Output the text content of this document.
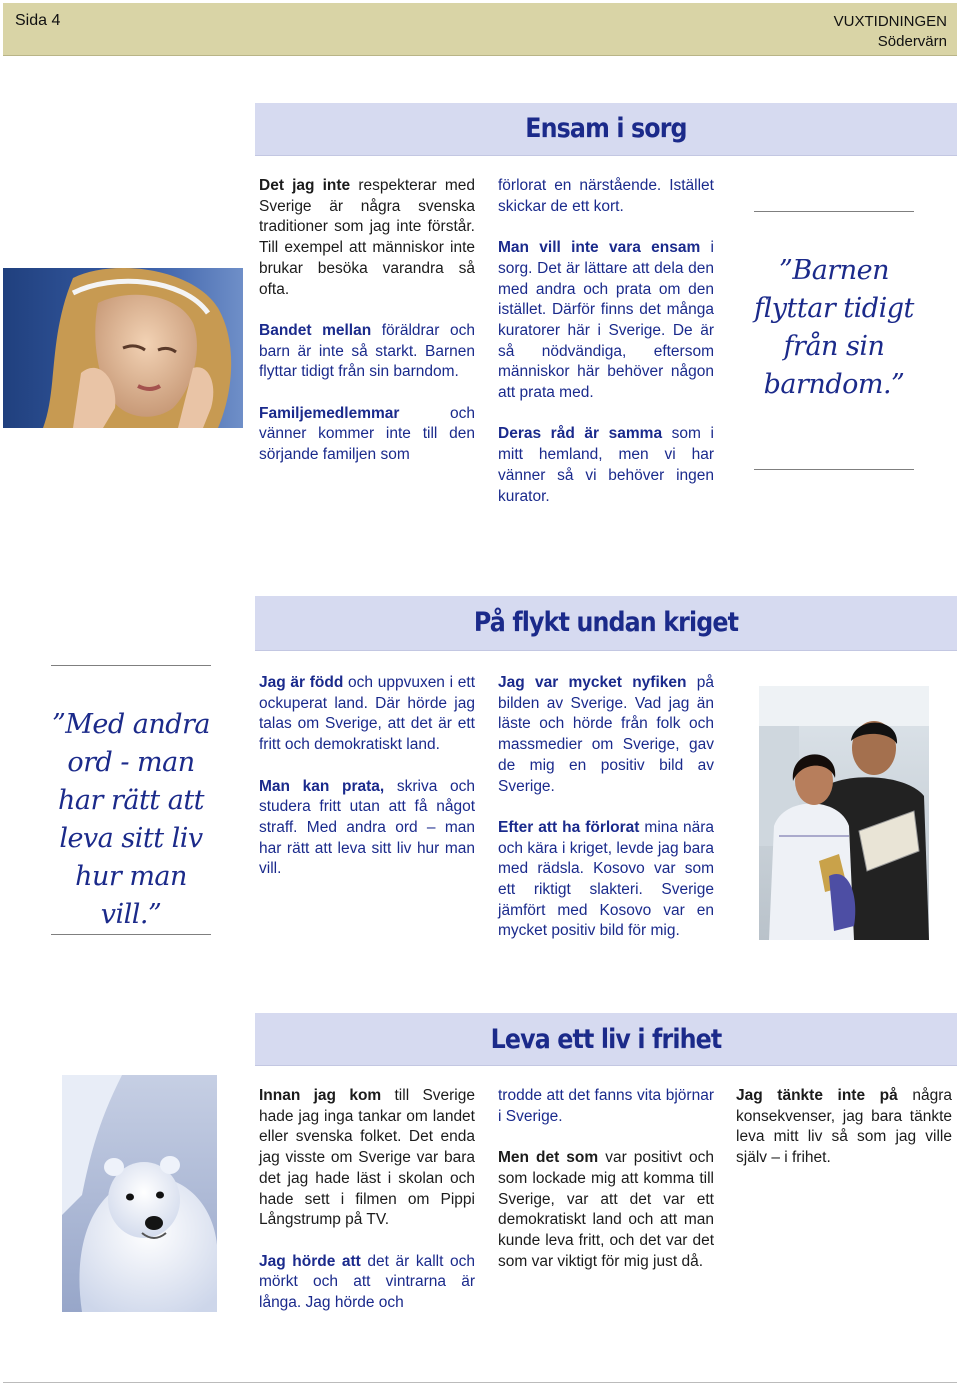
Sida 4	VUXTIDNINGEN
Södervärn
Ensam i sorg

Det jag inte respekterar med Sverige är några svenska traditioner som jag inte förstår. Till exempel att människor inte brukar besöka varandra så ofta.

Bandet mellan föräldrar och barn är inte så starkt. Barnen flyttar tidigt från sin barndom.

Familjemedlemmar och vänner kommer inte till den sörjande familjen som

förlorat en närstående. Istället skickar de ett kort.

Man vill inte vara ensam i sorg. Det är lättare att dela den med andra och prata om den istället. Därför finns det många kuratorer här i Sverige. De är så nödvändiga, eftersom människor här behöver någon att prata med.

Deras råd är samma som i mitt hemland, men vi har vänner så vi behöver ingen kurator.

”Barnen flyttar tidigt från sin barndom.”
På flykt undan kriget
”Med andra ord - man har rätt att leva sitt liv hur man vill.”

Jag är född och uppvuxen i ett ockuperat land. Där hörde jag talas om Sverige, att det är ett fritt och demokratiskt land.

Man kan prata, skriva och studera fritt utan att få något straff. Med andra ord – man har rätt att leva sitt liv hur man vill.

Jag var mycket nyfiken på bilden av Sverige. Vad jag än läste och hörde från folk och massmedier om Sverige, gav de mig en positiv bild av Sverige.

Efter att ha förlorat mina nära och kära i kriget, levde jag bara med rädsla. Kosovo var som ett riktigt slakteri. Sverige jämfört med Kosovo var en mycket positiv bild för mig.

Leva ett liv i frihet

Innan jag kom till Sverige hade jag inga tankar om landet eller svenska folket. Det enda jag visste om Sverige var bara det jag hade läst i skolan och hade sett i filmen om Pippi Långstrump på TV.

Jag hörde att det är kallt och mörkt och att vintrarna är långa. Jag hörde och

trodde att det fanns vita björnar i Sverige.

Men det som var positivt och som lockade mig att komma till Sverige, var att det var ett demokratiskt land och att man kunde leva fritt, och det var det som var viktigt för mig just då.

Jag tänkte inte på några konsekvenser, jag bara tänkte leva mitt liv så som jag ville själv – i frihet.
